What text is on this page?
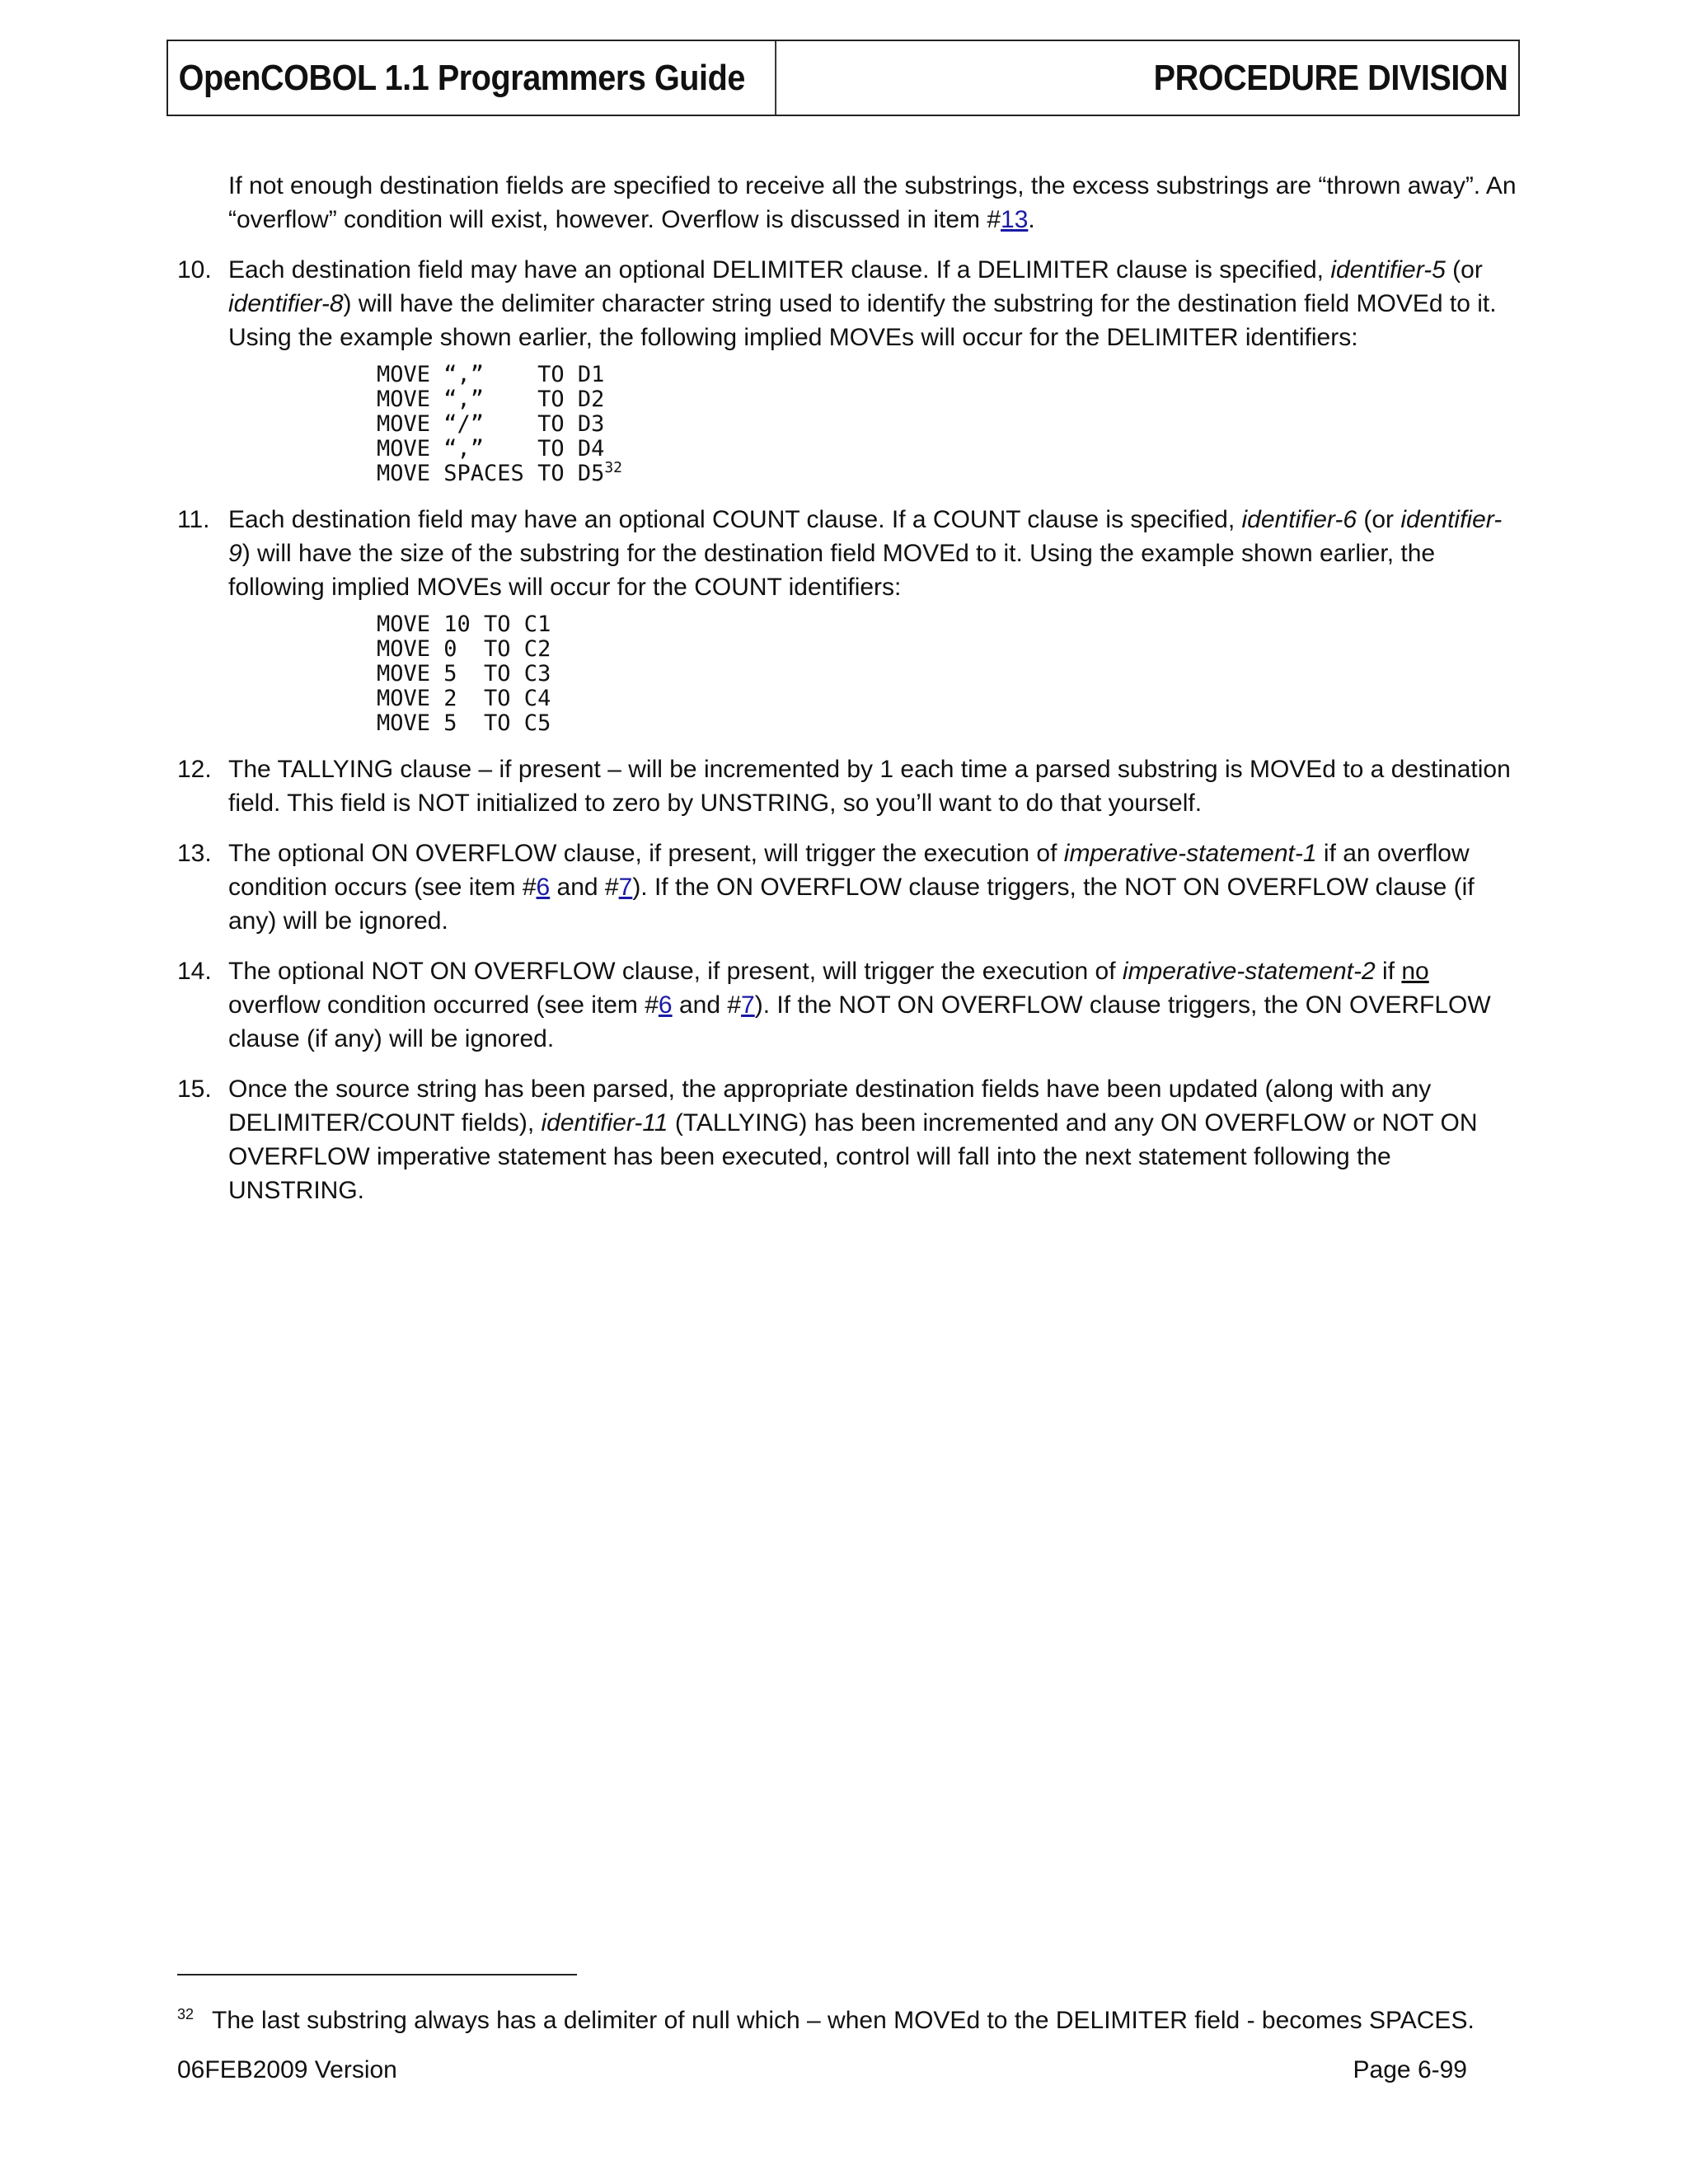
OpenCOBOL 1.1 Programmers Guide	PROCEDURE DIVISION

If not enough destination fields are specified to receive all the substrings, the excess substrings are “thrown away”. An “overflow” condition will exist, however. Overflow is discussed in item #13.

10. Each destination field may have an optional DELIMITER clause. If a DELIMITER clause is specified, identifier-5 (or identifier-8) will have the delimiter character string used to identify the substring for the destination field MOVEd to it. Using the example shown earlier, the following implied MOVEs will occur for the DELIMITER identifiers:

MOVE “,”    TO D1
MOVE “,”    TO D2
MOVE “/”    TO D3
MOVE “,”    TO D4
MOVE SPACES TO D5$^{32}$
11. Each destination field may have an optional COUNT clause. If a COUNT clause is specified, identifier-6 (or identifier-9) will have the size of the substring for the destination field MOVEd to it. Using the example shown earlier, the following implied MOVEs will occur for the COUNT identifiers:

MOVE 10 TO C1
MOVE 0  TO C2
MOVE 5  TO C3
MOVE 2  TO C4
MOVE 5  TO C5
12. The TALLYING clause – if present – will be incremented by 1 each time a parsed substring is MOVEd to a destination field. This field is NOT initialized to zero by UNSTRING, so you’ll want to do that yourself.

13. The optional ON OVERFLOW clause, if present, will trigger the execution of imperative-statement-1 if an overflow condition occurs (see item #6 and #7). If the ON OVERFLOW clause triggers, the NOT ON OVERFLOW clause (if any) will be ignored.

14. The optional NOT ON OVERFLOW clause, if present, will trigger the execution of imperative-statement-2 if no overflow condition occurred (see item #6 and #7). If the NOT ON OVERFLOW clause triggers, the ON OVERFLOW clause (if any) will be ignored.

15. Once the source string has been parsed, the appropriate destination fields have been updated (along with any DELIMITER/COUNT fields), identifier-11 (TALLYING) has been incremented and any ON OVERFLOW or NOT ON OVERFLOW imperative statement has been executed, control will fall into the next statement following the UNSTRING.

$^{32}$ The last substring always has a delimiter of null which – when MOVEd to the DELIMITER field - becomes SPACES.
06FEB2009 Version	Page 6-99
